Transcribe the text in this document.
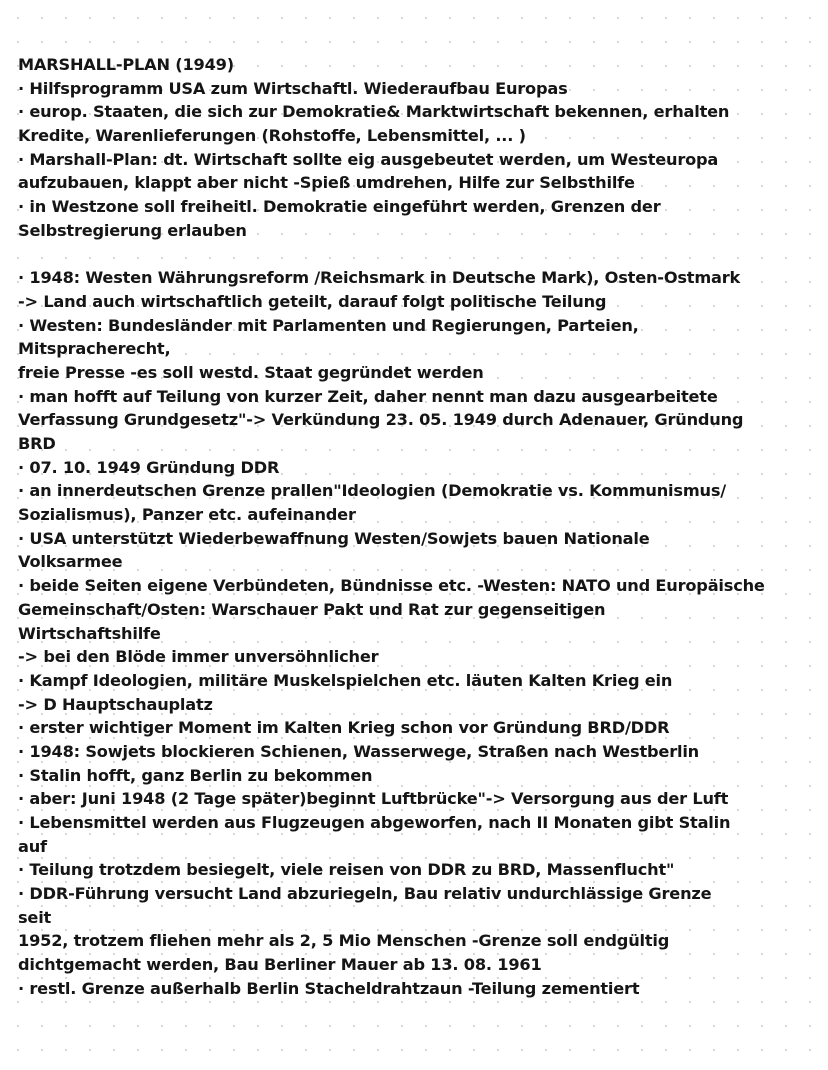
MARSHALL-PLAN (1949)
· Hilfsprogramm USA zum Wirtschaftl. Wiederaufbau Europas
· europ. Staaten, die sich zur Demokratie& Marktwirtschaft bekennen, erhalten
Kredite, Warenlieferungen (Rohstoffe, Lebensmittel, ... )
· Marshall-Plan: dt. Wirtschaft sollte eig ausgebeutet werden, um Westeuropa
aufzubauen, klappt aber nicht -Spieß umdrehen, Hilfe zur Selbsthilfe
· in Westzone soll freiheitl. Demokratie eingeführt werden, Grenzen der
Selbstregierung erlauben
· 1948: Westen Währungsreform /Reichsmark in Deutsche Mark), Osten-Ostmark
-> Land auch wirtschaftlich geteilt, darauf folgt politische Teilung
· Westen: Bundesländer mit Parlamenten und Regierungen, Parteien,
Mitspracherecht,
freie Presse -es soll westd. Staat gegründet werden
· man hofft auf Teilung von kurzer Zeit, daher nennt man dazu ausgearbeitete
Verfassung Grundgesetz"-> Verkündung 23. 05. 1949 durch Adenauer, Gründung
BRD
· 07. 10. 1949 Gründung DDR
· an innerdeutschen Grenze prallen"Ideologien (Demokratie vs. Kommunismus/
Sozialismus), Panzer etc. aufeinander
· USA unterstützt Wiederbewaffnung Westen/Sowjets bauen Nationale
Volksarmee
· beide Seiten eigene Verbündeten, Bündnisse etc. -Westen: NATO und Europäische
Gemeinschaft/Osten: Warschauer Pakt und Rat zur gegenseitigen
Wirtschaftshilfe
-> bei den Blöde immer unversöhnlicher
· Kampf Ideologien, militäre Muskelspielchen etc. läuten Kalten Krieg ein
-> D Hauptschauplatz
· erster wichtiger Moment im Kalten Krieg schon vor Gründung BRD/DDR
· 1948: Sowjets blockieren Schienen, Wasserwege, Straßen nach Westberlin
· Stalin hofft, ganz Berlin zu bekommen
· aber: Juni 1948 (2 Tage später)beginnt Luftbrücke"-> Versorgung aus der Luft
· Lebensmittel werden aus Flugzeugen abgeworfen, nach II Monaten gibt Stalin
auf
· Teilung trotzdem besiegelt, viele reisen von DDR zu BRD, Massenflucht"
· DDR-Führung versucht Land abzuriegeln, Bau relativ undurchlässige Grenze
seit
1952, trotzem fliehen mehr als 2, 5 Mio Menschen -Grenze soll endgültig
dichtgemacht werden, Bau Berliner Mauer ab 13. 08. 1961
· restl. Grenze außerhalb Berlin Stacheldrahtzaun -Teilung zementiert
